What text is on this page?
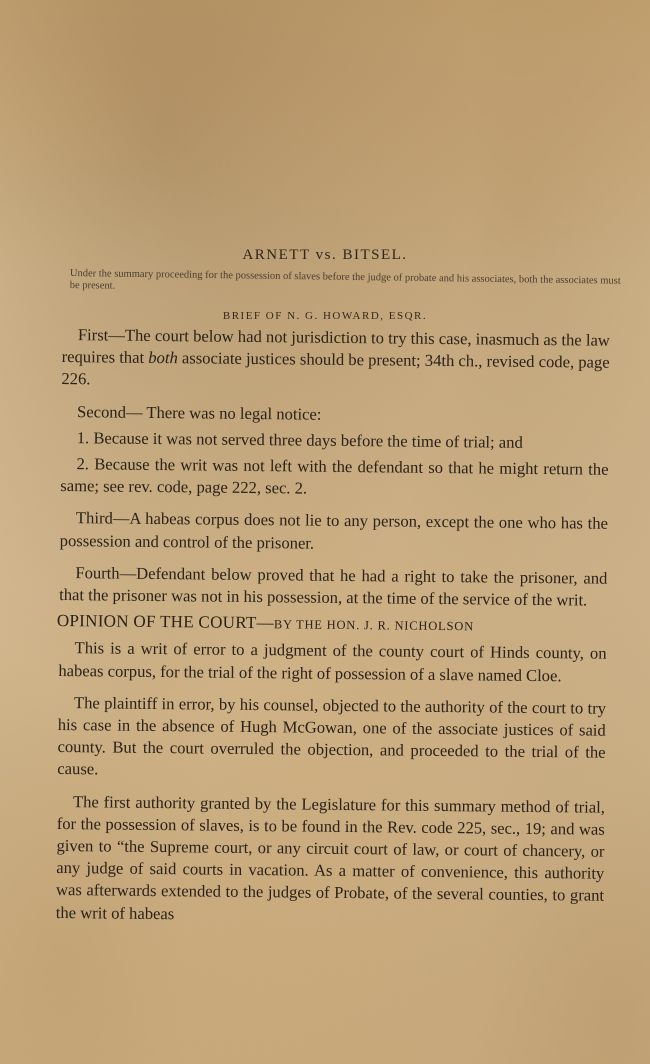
ARNETT vs. BITSEL.
Under the summary proceeding for the possession of slaves before the judge of probate and his associates, both the associates must be present.
BRIEF OF N. G. HOWARD, ESQR.

First—The court below had not jurisdiction to try this case, inasmuch as the law requires that both associate justices should be present; 34th ch., revised code, page 226.

Second— There was no legal notice:

1. Because it was not served three days before the time of trial; and

2. Because the writ was not left with the defendant so that he might return the same; see rev. code, page 222, sec. 2.

Third—A habeas corpus does not lie to any person, except the one who has the possession and control of the prisoner.

Fourth—Defendant below proved that he had a right to take the prisoner, and that the prisoner was not in his possession, at the time of the service of the writ.

OPINION OF THE COURT—BY THE HON. J. R. NICHOLSON

This is a writ of error to a judgment of the county court of Hinds county, on habeas corpus, for the trial of the right of possession of a slave named Cloe.

The plaintiff in error, by his counsel, objected to the authority of the court to try his case in the absence of Hugh McGowan, one of the associate justices of said county. But the court overruled the objection, and proceeded to the trial of the cause.

The first authority granted by the Legislature for this summary method of trial, for the possession of slaves, is to be found in the Rev. code 225, sec., 19; and was given to “the Supreme court, or any circuit court of law, or court of chancery, or any judge of said courts in vacation. As a matter of convenience, this authority was afterwards extended to the judges of Probate, of the several counties, to grant the writ of habeas
